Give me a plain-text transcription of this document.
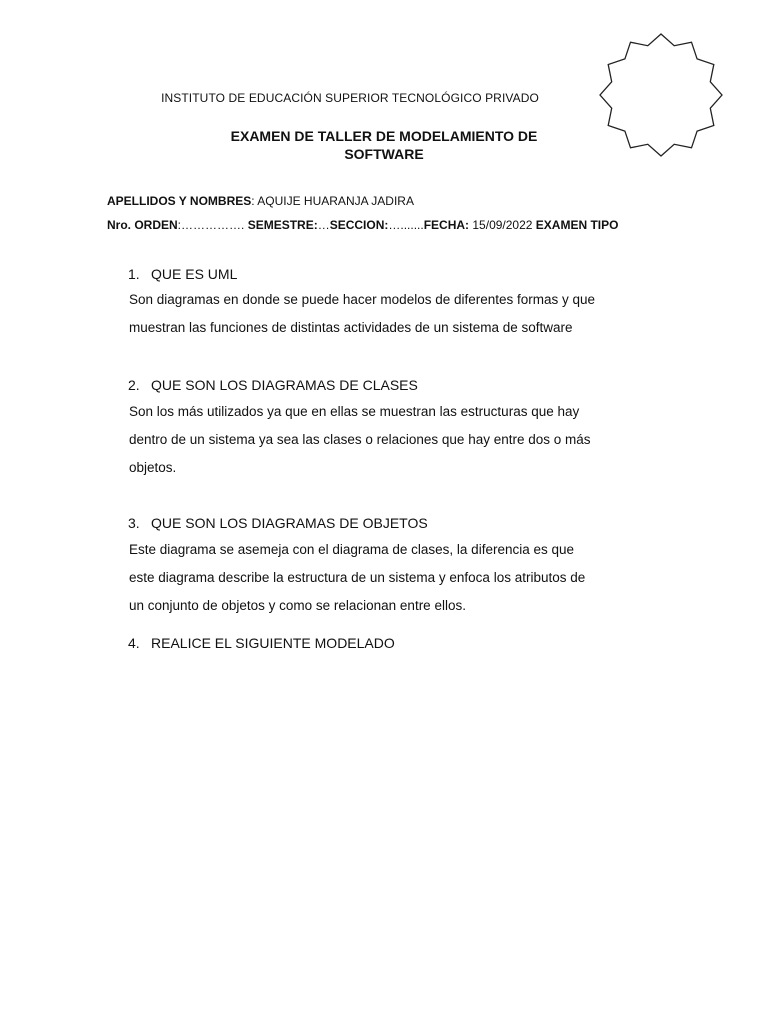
INSTITUTO DE EDUCACIÓN SUPERIOR TECNOLÓGICO PRIVADO
EXAMEN DE TALLER DE MODELAMIENTO DE
SOFTWARE
APELLIDOS Y NOMBRES: AQUIJE HUARANJA JADIRA
Nro. ORDEN:……………. SEMESTRE:…SECCION:….......FECHA: 15/09/2022 EXAMEN TIPO
1. QUE ES UML
Son diagramas en donde se puede hacer modelos de diferentes formas y que
muestran las funciones de distintas actividades de un sistema de software
2. QUE SON LOS DIAGRAMAS DE CLASES
Son los más utilizados ya que en ellas se muestran las estructuras que hay
dentro de un sistema ya sea las clases o relaciones que hay entre dos o más
objetos.
3. QUE SON LOS DIAGRAMAS DE OBJETOS
Este diagrama se asemeja con el diagrama de clases, la diferencia es que
este diagrama describe la estructura de un sistema y enfoca los atributos de
un conjunto de objetos y como se relacionan entre ellos.
4. REALICE EL SIGUIENTE MODELADO
